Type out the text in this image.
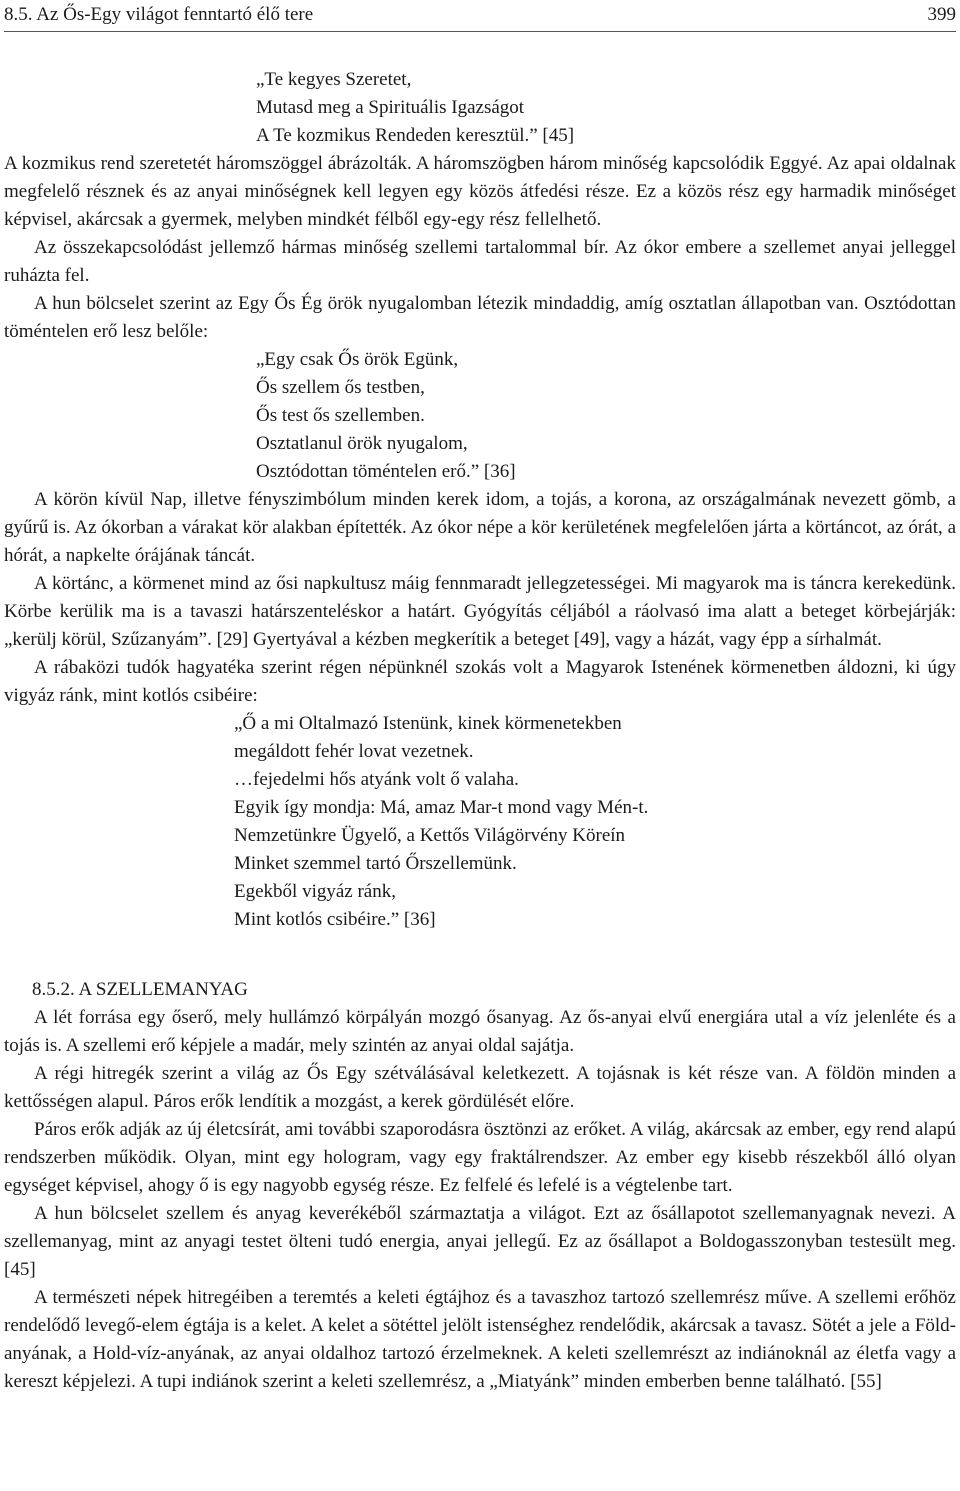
8.5. Az Ős-Egy világot fenntartó élő tere	399
„Te kegyes Szeretet,
Mutasd meg a Spirituális Igazságot
A Te kozmikus Rendeden keresztül.” [45]

A kozmikus rend szeretetét háromszöggel ábrázolták. A háromszögben három minőség kapcsolódik Eggyé. Az apai oldalnak megfelelő résznek és az anyai minőségnek kell legyen egy közös átfedési része. Ez a közös rész egy harmadik minőséget képvisel, akárcsak a gyermek, melyben mindkét félből egy-egy rész fellelhető.

Az összekapcsolódást jellemző hármas minőség szellemi tartalommal bír. Az ókor embere a szellemet anyai jelleggel ruházta fel.

A hun bölcselet szerint az Egy Ős Ég örök nyugalomban létezik mindaddig, amíg osztatlan állapotban van. Osztódottan töméntelen erő lesz belőle:

„Egy csak Ős örök Egünk,
Ős szellem ős testben,
Ős test ős szellemben.
Osztatlanul örök nyugalom,
Osztódottan töméntelen erő.” [36]

A körön kívül Nap, illetve fényszimbólum minden kerek idom, a tojás, a korona, az országalmának nevezett gömb, a gyűrű is. Az ókorban a várakat kör alakban építették. Az ókor népe a kör kerületének megfelelően járta a körtáncot, az órát, a hórát, a napkelte órájának táncát.

A körtánc, a körmenet mind az ősi napkultusz máig fennmaradt jellegzetességei. Mi magyarok ma is táncra kerekedünk. Körbe kerülik ma is a tavaszi határszenteléskor a határt. Gyógyítás céljából a ráolvasó ima alatt a beteget körbejárják: „kerülj körül, Szűzanyám”. [29] Gyertyával a kézben megkerítik a beteget [49], vagy a házát, vagy épp a sírhalmát.

A rábaközi tudók hagyatéka szerint régen népünknél szokás volt a Magyarok Istenének körmenetben áldozni, ki úgy vigyáz ránk, mint kotlós csibéire:

„Ő a mi Oltalmazó Istenünk, kinek körmenetekben
megáldott fehér lovat vezetnek.
…fejedelmi hős atyánk volt ő valaha.
Egyik így mondja: Má, amaz Mar-t mond vagy Mén-t.
Nemzetünkre Ügyelő, a Kettős Világörvény Köreín
Minket szemmel tartó Őrszellemünk.
Egekből vigyáz ránk,
Mint kotlós csibéire.” [36]
8.5.2. A SZELLEMANYAG

A lét forrása egy őserő, mely hullámzó körpályán mozgó ősanyag. Az ős-anyai elvű energiára utal a víz jelenléte és a tojás is. A szellemi erő képjele a madár, mely szintén az anyai oldal sajátja.

A régi hitregék szerint a világ az Ős Egy szétválásával keletkezett. A tojásnak is két része van. A földön minden a kettősségen alapul. Páros erők lendítik a mozgást, a kerek gördülését előre.

Páros erők adják az új életcsírát, ami további szaporodásra ösztönzi az erőket. A világ, akárcsak az ember, egy rend alapú rendszerben működik. Olyan, mint egy hologram, vagy egy fraktálrendszer. Az ember egy kisebb részekből álló olyan egységet képvisel, ahogy ő is egy nagyobb egység része. Ez felfelé és lefelé is a végtelenbe tart.

A hun bölcselet szellem és anyag keverékéből származtatja a világot. Ezt az ősállapotot szellemanyagnak nevezi. A szellemanyag, mint az anyagi testet ölteni tudó energia, anyai jellegű. Ez az ősállapot a Boldogasszonyban testesült meg. [45]

A természeti népek hitregéiben a teremtés a keleti égtájhoz és a tavaszhoz tartozó szellemrész műve. A szellemi erőhöz rendelődő levegő-elem égtája is a kelet. A kelet a sötéttel jelölt istenséghez rendelődik, akárcsak a tavasz. Sötét a jele a Föld-anyának, a Hold-víz-anyának, az anyai oldalhoz tartozó érzelmeknek. A keleti szellemrészt az indiánoknál az életfa vagy a kereszt képjelezi. A tupi indiánok szerint a keleti szellemrész, a „Miatyánk” minden emberben benne található. [55]
